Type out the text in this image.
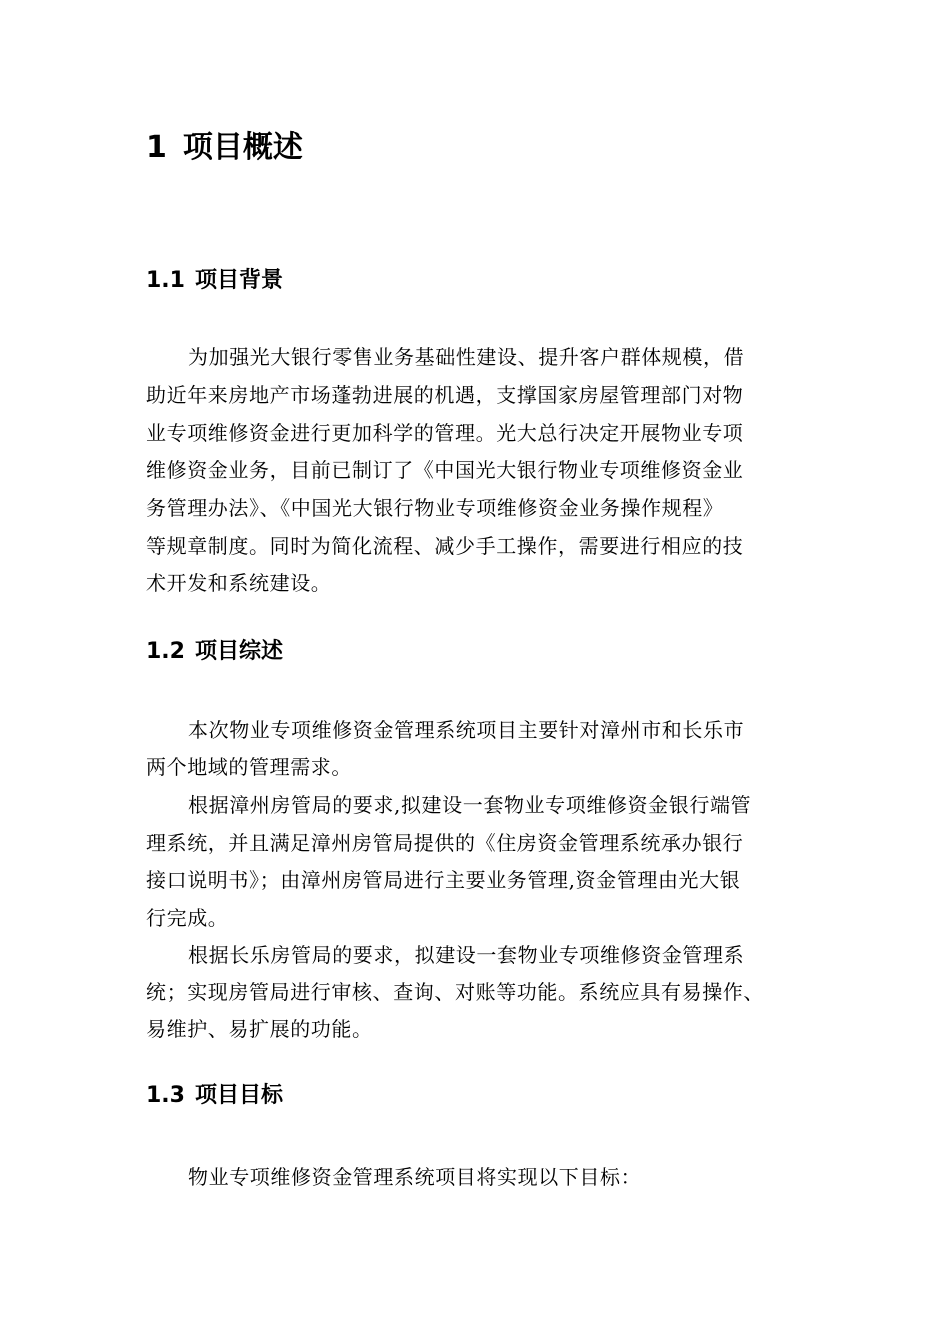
1 项目概述
1.1 项目背景

为加强光大银行零售业务基础性建设、提升客户群体规模，借

助近年来房地产市场蓬勃进展的机遇，支撑国家房屋管理部门对物

业专项维修资金进行更加科学的管理。光大总行决定开展物业专项

维修资金业务，目前已制订了《中国光大银行物业专项维修资金业

务管理办法》、《中国光大银行物业专项维修资金业务操作规程》

等规章制度。同时为简化流程、减少手工操作，需要进行相应的技

术开发和系统建设。

1.2 项目综述

本次物业专项维修资金管理系统项目主要针对漳州市和长乐市

两个地域的管理需求。

根据漳州房管局的要求,拟建设一套物业专项维修资金银行端管

理系统，并且满足漳州房管局提供的《住房资金管理系统承办银行

接口说明书》；由漳州房管局进行主要业务管理,资金管理由光大银

行完成。

根据长乐房管局的要求，拟建设一套物业专项维修资金管理系

统；实现房管局进行审核、查询、对账等功能。系统应具有易操作、

易维护、易扩展的功能。

1.3 项目目标

物业专项维修资金管理系统项目将实现以下目标：
